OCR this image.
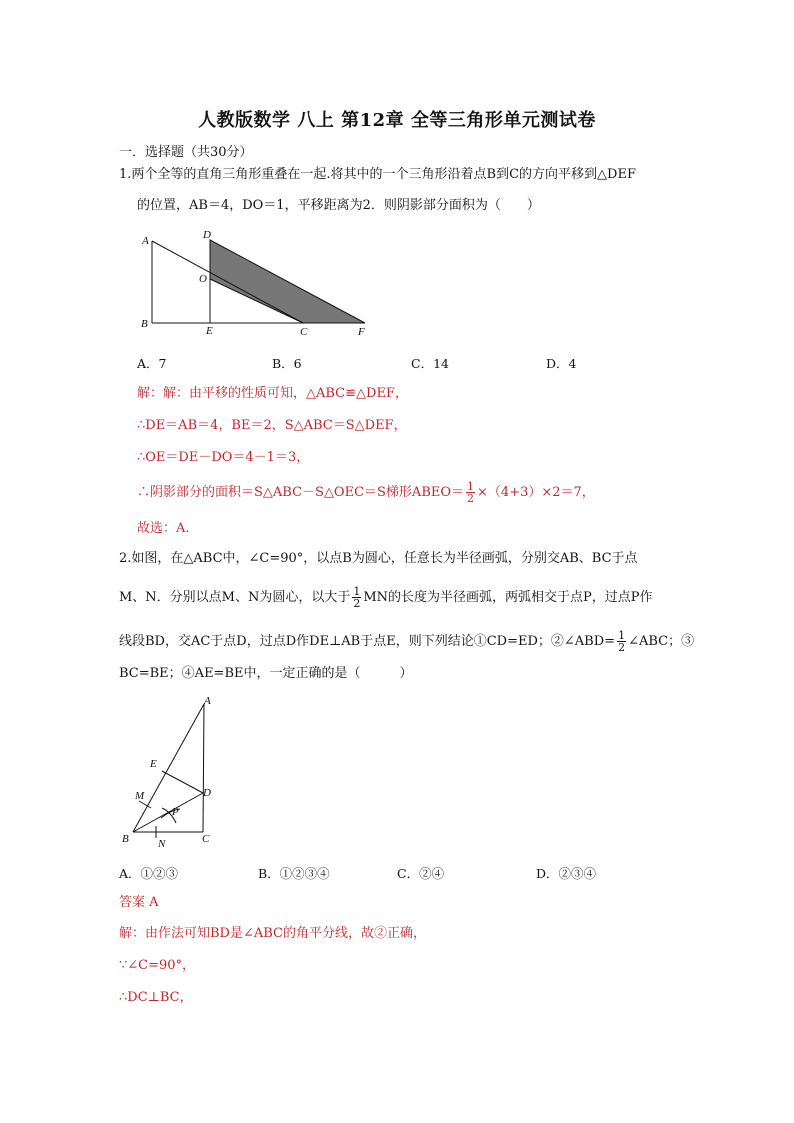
人教版数学 八上 第12章 全等三角形单元测试卷
一．选择题（共30分）
1.两个全等的直角三角形重叠在一起.将其中的一个三角形沿着点B到C的方向平移到△DEF
的位置，AB＝4，DO＝1，平移距离为2．则阴影部分面积为（　　）
A
B
D
O
E	C	F
A．7	B．6	C．14	D．4
解：解：由平移的性质可知，△ABC≌△DEF，
∴DE＝AB＝4，BE＝2，S△ABC＝S△DEF，
∴OE＝DE－DO＝4－1＝3，
∴阴影部分的面积＝S△ABC－S△OEC＝S梯形ABEO＝ $\frac{1}{2} \times(4+3)\times 2=7$，
故选：A.
2.如图，在△ABC中，∠C=90°，以点B为圆心，任意长为半径画弧，分别交AB、BC于点
M、N．分别以点M、N为圆心，以大于 $\frac{1}{2}$ MN的长度为半径画弧，两弧相交于点P，过点P作
线段BD，交AC于点D，过点D作DE⊥AB于点E，则下列结论①CD=ED；②∠ABD= $\frac{1}{2}$ ∠ABC；③
BC=BE；④AE=BE中，一定正确的是（　　　）
A
E
M	D
P
B	N	C
A．①②③	B．①②③④	C．②④	D．②③④
答案 A
解：由作法可知BD是∠ABC的角平分线，故②正确，
∵∠C=90°，
∴DC⊥BC，
